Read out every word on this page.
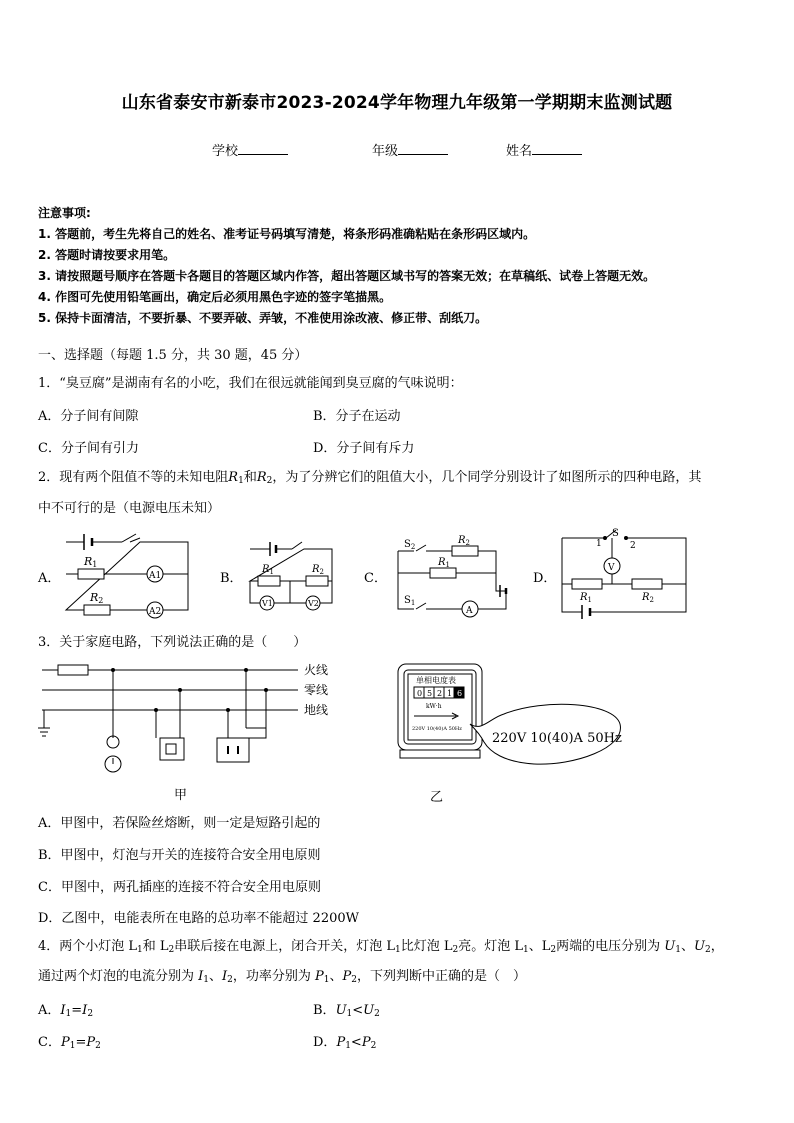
山东省泰安市新泰市2023-2024学年物理九年级第一学期期末监测试题
学校	年级	姓名
注意事项:
1. 答题前，考生先将自己的姓名、准考证号码填写清楚，将条形码准确粘贴在条形码区域内。
2. 答题时请按要求用笔。
3. 请按照题号顺序在答题卡各题目的答题区域内作答，超出答题区域书写的答案无效；在草稿纸、试卷上答题无效。
4. 作图可先使用铅笔画出，确定后必须用黑色字迹的签字笔描黑。
5. 保持卡面清洁，不要折暴、不要弄破、弄皱，不准使用涂改液、修正带、刮纸刀。
一、选择题（每题 1.5 分，共 30 题，45 分）
1．“臭豆腐”是湖南有名的小吃，我们在很远就能闻到臭豆腐的气味说明：
A．分子间有间隙	B．分子在运动
C．分子间有引力	D．分子间有斥力
2．现有两个阻值不等的未知电阻$R_1$和$R_2$，为了分辨它们的阻值大小，几个同学分别设计了如图所示的四种电路，其
中不可行的是（电源电压未知）
A．	B．	C．	D．
R1
R2
A1
A2
$R_1$	$R_2$
V1	V2
$S_2$
$R_2$
$R_1$
$S_1$
A
S
1	2
V
$R_1$	$R_2$
3．关于家庭电路，下列说法正确的是（　　）
火线
零线
地线
甲
单相电度表
0 5 2 1 6
kW·h
220V 10(40)A 50Hz
220V 10(40)A 50Hz
乙
A．甲图中，若保险丝熔断，则一定是短路引起的
B．甲图中，灯泡与开关的连接符合安全用电原则
C．甲图中，两孔插座的连接不符合安全用电原则
D．乙图中，电能表所在电路的总功率不能超过 2200W
4．两个小灯泡 $L_1$和 $L_2$串联后接在电源上，闭合开关，灯泡 $L_1$比灯泡 $L_2$亮。灯泡 $L_1$、$L_2$两端的电压分别为 $U_1$、$U_2$，
通过两个灯泡的电流分别为 $I_1$、$I_2$，功率分别为 $P_1$、$P_2$，下列判断中正确的是（　）
A．$I_1=I_2$	B．$U_1<U_2$
C．$P_1=P_2$	D．$P_1<P_2$
